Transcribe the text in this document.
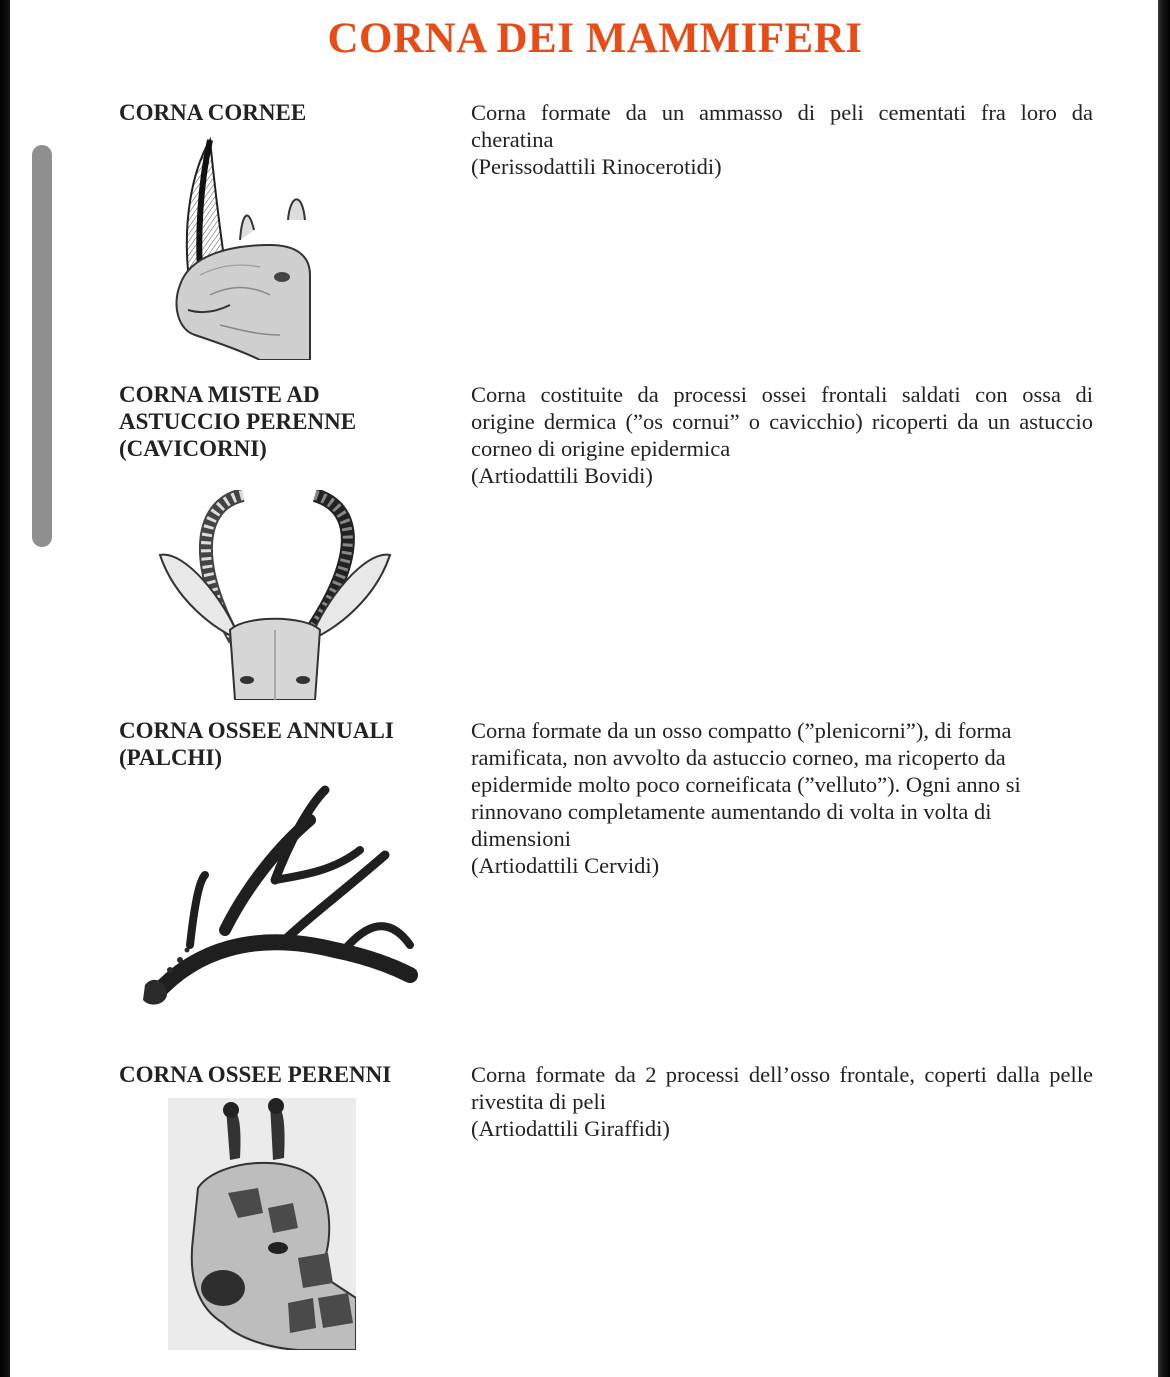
CORNA DEI MAMMIFERI
CORNA CORNEE	Corna formate da un ammasso di peli cementati fra loro da
cheratina
(Perissodattili Rinocerotidi)
CORNA MISTE AD
ASTUCCIO PERENNE
(CAVICORNI)
Corna costituite da processi ossei frontali saldati con ossa di
origine dermica (”os cornui” o cavicchio) ricoperti da un astuccio
corneo di origine epidermica
(Artiodattili Bovidi)
CORNA OSSEE ANNUALI
(PALCHI)
Corna formate da un osso compatto (”plenicorni”), di forma
ramificata, non avvolto da astuccio corneo, ma ricoperto da
epidermide molto poco corneificata (”velluto”). Ogni anno si
rinnovano completamente aumentando di volta in volta di
dimensioni
(Artiodattili Cervidi)
CORNA OSSEE PERENNI	Corna formate da 2 processi dell’osso frontale, coperti dalla pelle
rivestita di peli
(Artiodattili Giraffidi)
